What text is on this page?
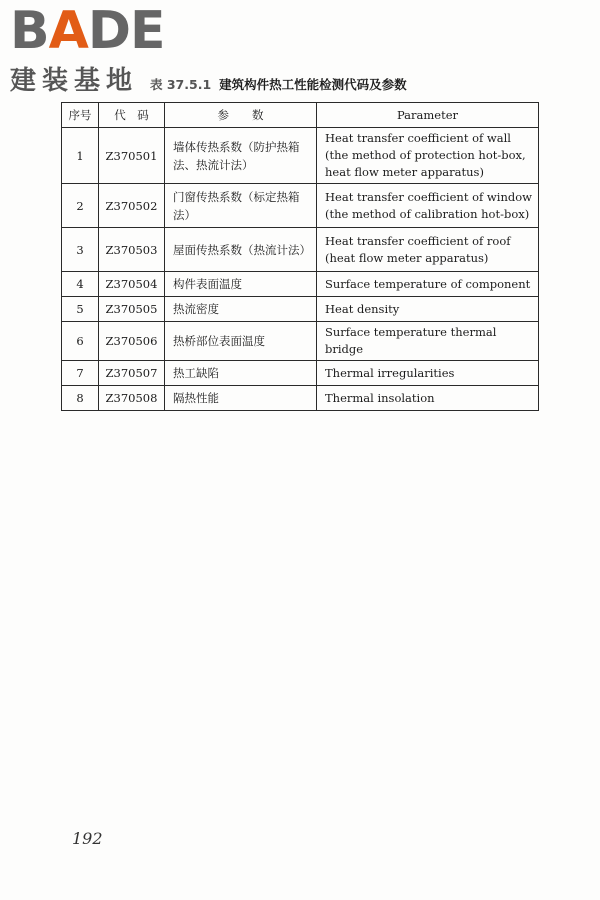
BADE
建装基地 表 37.5.1 建筑构件热工性能检测代码及参数
序号	代　码	参　　数	Parameter
1	Z370501	墙体传热系数（防护热箱法、热流计法）	Heat transfer coefficient of wall (the method of protection hot-box, heat flow meter apparatus)
2	Z370502	门窗传热系数（标定热箱法）	Heat transfer coefficient of window (the method of calibration hot-box)
3	Z370503	屋面传热系数（热流计法）	Heat transfer coefficient of roof (heat flow meter apparatus)
4	Z370504	构件表面温度	Surface temperature of component
5	Z370505	热流密度	Heat density
6	Z370506	热桥部位表面温度	Surface temperature thermal bridge
7	Z370507	热工缺陷	Thermal irregularities
8	Z370508	隔热性能	Thermal insolation
192
